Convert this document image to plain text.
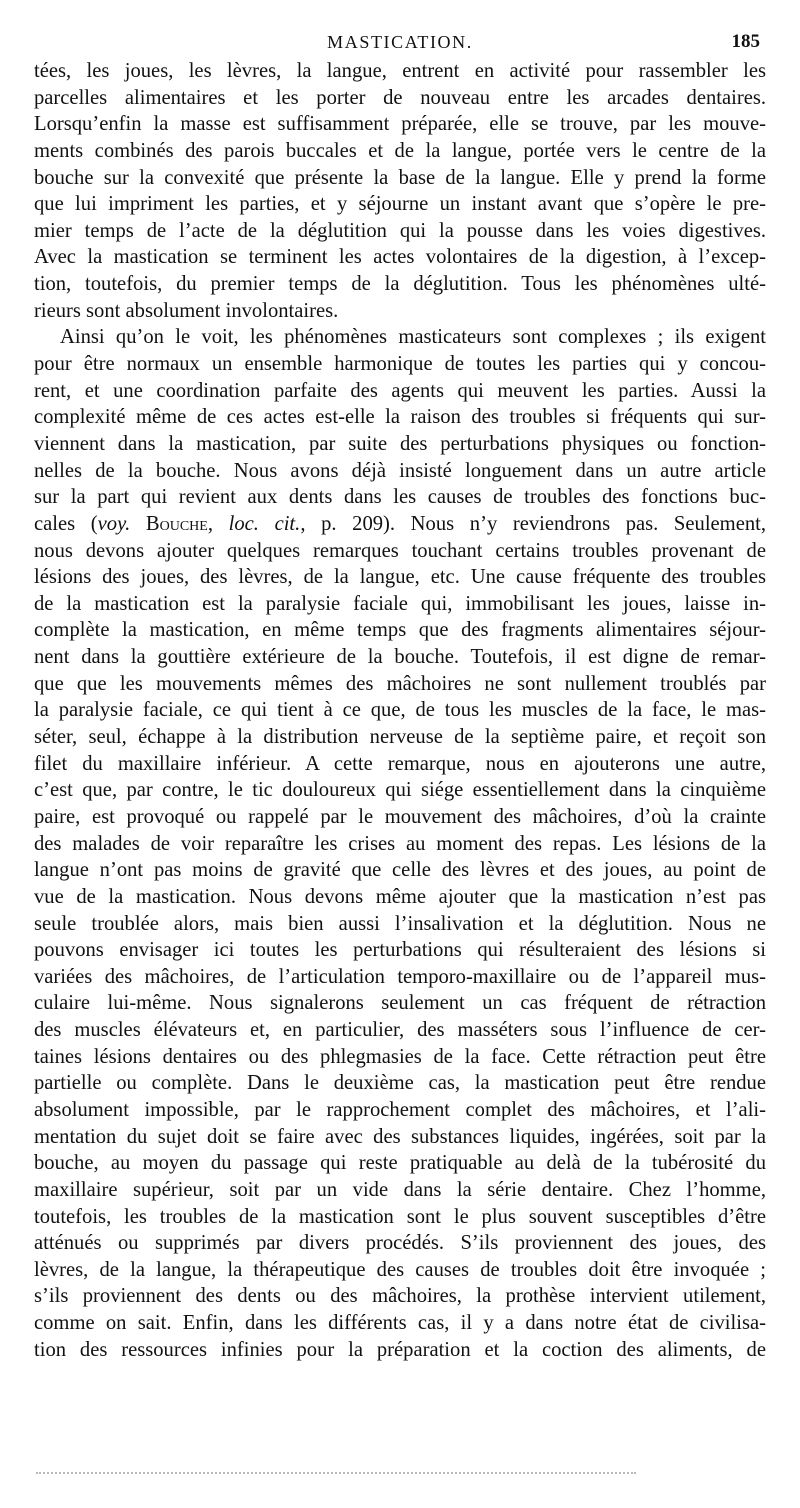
MASTICATION.	185
tées, les joues, les lèvres, la langue, entrent en activité pour rassembler les
parcelles alimentaires et les porter de nouveau entre les arcades dentaires.
Lorsqu’enfin la masse est suffisamment préparée, elle se trouve, par les mouve-
ments combinés des parois buccales et de la langue, portée vers le centre de la
bouche sur la convexité que présente la base de la langue. Elle y prend la forme
que lui impriment les parties, et y séjourne un instant avant que s’opère le pre-
mier temps de l’acte de la déglutition qui la pousse dans les voies digestives.
Avec la mastication se terminent les actes volontaires de la digestion, à l’excep-
tion, toutefois, du premier temps de la déglutition. Tous les phénomènes ulté-
rieurs sont absolument involontaires.
Ainsi qu’on le voit, les phénomènes masticateurs sont complexes ; ils exigent
pour être normaux un ensemble harmonique de toutes les parties qui y concou-
rent, et une coordination parfaite des agents qui meuvent les parties. Aussi la
complexité même de ces actes est-elle la raison des troubles si fréquents qui sur-
viennent dans la mastication, par suite des perturbations physiques ou fonction-
nelles de la bouche. Nous avons déjà insisté longuement dans un autre article
sur la part qui revient aux dents dans les causes de troubles des fonctions buc-
cales (voy. Bouche, loc. cit., p. 209). Nous n’y reviendrons pas. Seulement,
nous devons ajouter quelques remarques touchant certains troubles provenant de
lésions des joues, des lèvres, de la langue, etc. Une cause fréquente des troubles
de la mastication est la paralysie faciale qui, immobilisant les joues, laisse in-
complète la mastication, en même temps que des fragments alimentaires séjour-
nent dans la gouttière extérieure de la bouche. Toutefois, il est digne de remar-
que que les mouvements mêmes des mâchoires ne sont nullement troublés par
la paralysie faciale, ce qui tient à ce que, de tous les muscles de la face, le mas-
séter, seul, échappe à la distribution nerveuse de la septième paire, et reçoit son
filet du maxillaire inférieur. A cette remarque, nous en ajouterons une autre,
c’est que, par contre, le tic douloureux qui siége essentiellement dans la cinquième
paire, est provoqué ou rappelé par le mouvement des mâchoires, d’où la crainte
des malades de voir reparaître les crises au moment des repas. Les lésions de la
langue n’ont pas moins de gravité que celle des lèvres et des joues, au point de
vue de la mastication. Nous devons même ajouter que la mastication n’est pas
seule troublée alors, mais bien aussi l’insalivation et la déglutition. Nous ne
pouvons envisager ici toutes les perturbations qui résulteraient des lésions si
variées des mâchoires, de l’articulation temporo-maxillaire ou de l’appareil mus-
culaire lui-même. Nous signalerons seulement un cas fréquent de rétraction
des muscles élévateurs et, en particulier, des masséters sous l’influence de cer-
taines lésions dentaires ou des phlegmasies de la face. Cette rétraction peut être
partielle ou complète. Dans le deuxième cas, la mastication peut être rendue
absolument impossible, par le rapprochement complet des mâchoires, et l’ali-
mentation du sujet doit se faire avec des substances liquides, ingérées, soit par la
bouche, au moyen du passage qui reste pratiquable au delà de la tubérosité du
maxillaire supérieur, soit par un vide dans la série dentaire. Chez l’homme,
toutefois, les troubles de la mastication sont le plus souvent susceptibles d’être
atténués ou supprimés par divers procédés. S’ils proviennent des joues, des
lèvres, de la langue, la thérapeutique des causes de troubles doit être invoquée ;
s’ils proviennent des dents ou des mâchoires, la prothèse intervient utilement,
comme on sait. Enfin, dans les différents cas, il y a dans notre état de civilisa-
tion des ressources infinies pour la préparation et la coction des aliments, de
